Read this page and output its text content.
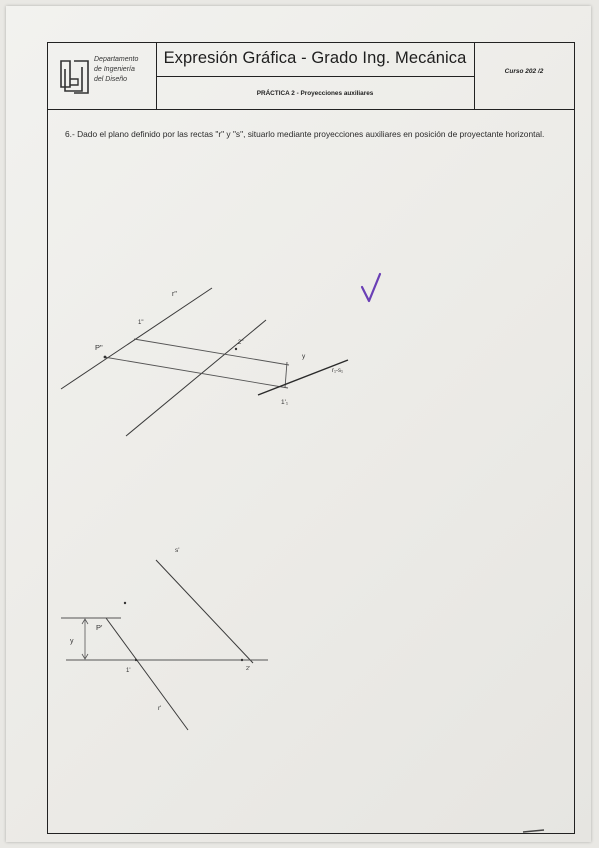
Departamento
de Ingeniería
del Diseño
Expresión Gráfica - Grado Ing. Mecánica
PRÁCTICA 2 - Proyecciones auxiliares
Curso 202 /2
6.- Dado el plano definido por las rectas "r" y "s", situarlo mediante proyecciones auxiliares en posición de proyectante horizontal.
r"
P"
1"
2"
y
r₁-s₁
1'₁
s'
P'
y
1'	2'
r'
